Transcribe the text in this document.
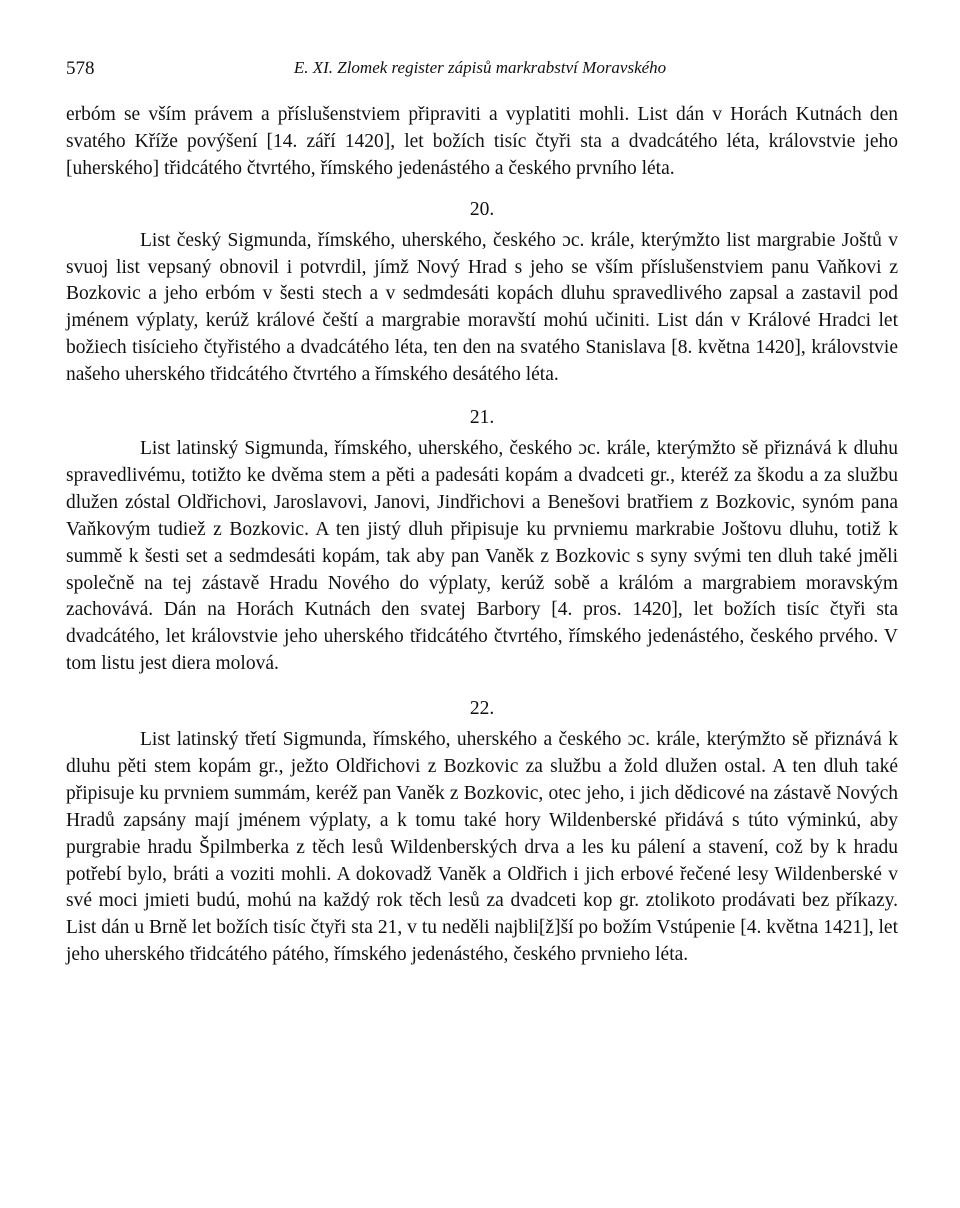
578	E. XI. Zlomek register zápisů markrabství Moravského

erbóm se vším právem a příslušenstviem připraviti a vyplatiti mohli. List dán v Horách Kutnách den svatého Kříže povýšení [14. září 1420], let božích tisíc čtyři sta a dvadcátého léta, královstvie jeho [uherského] třidcátého čtvrtého, římského jedenástého a českého prvního léta.

20.

List český Sigmunda, římského, uherského, českého ɔc. krále, kterýmžto list margrabie Joštů v svuoj list vepsaný obnovil i potvrdil, jímž Nový Hrad s jeho se vším příslušenstviem panu Vaňkovi z Bozkovic a jeho erbóm v šesti stech a v sedmdesáti kopách dluhu spravedlivého zapsal a zastavil pod jménem výplaty, kerúž králové čeští a margrabie moravští mohú učiniti. List dán v Králové Hradci let božiech tisícieho čtyřistého a dvadcátého léta, ten den na svatého Stanislava [8. května 1420], královstvie našeho uherského třidcátého čtvrtého a římského desátého léta.

21.

List latinský Sigmunda, římského, uherského, českého ɔc. krále, kterýmžto sě přiznává k dluhu spravedlivému, totižto ke dvěma stem a pěti a padesáti kopám a dvadceti gr., kteréž za škodu a za službu dlužen zóstal Oldřichovi, Jaroslavovi, Janovi, Jindřichovi a Benešovi bratřiem z Bozkovic, synóm pana Vaňkovým tudiež z Bozkovic. A ten jistý dluh připisuje ku prvniemu markrabie Joštovu dluhu, totiž k summě k šesti set a sedmdesáti kopám, tak aby pan Vaněk z Bozkovic s syny svými ten dluh také jměli společně na tej zástavě Hradu Nového do výplaty, kerúž sobě a králóm a margrabiem moravským zachovává. Dán na Horách Kutnách den svatej Barbory [4. pros. 1420], let božích tisíc čtyři sta dvadcátého, let královstvie jeho uherského třidcátého čtvrtého, římského jedenástého, českého prvého. V tom listu jest diera molová.

22.

List latinský třetí Sigmunda, římského, uherského a českého ɔc. krále, kterýmžto sě přiznává k dluhu pěti stem kopám gr., ježto Oldřichovi z Bozkovic za službu a žold dlužen ostal. A ten dluh také připisuje ku prvniem summám, keréž pan Vaněk z Bozkovic, otec jeho, i jich dědicové na zástavě Nových Hradů zapsány mají jménem výplaty, a k tomu také hory Wildenberské přidává s túto výminkú, aby purgrabie hradu Špilmberka z těch lesů Wildenberských drva a les ku pálení a stavení, což by k hradu potřebí bylo, bráti a voziti mohli. A dokovadž Vaněk a Oldřich i jich erbové řečené lesy Wildenberské v své moci jmieti budú, mohú na každý rok těch lesů za dvadceti kop gr. ztolikoto prodávati bez příkazy. List dán u Brně let božích tisíc čtyři sta 21, v tu neděli najbli[ž]ší po božím Vstúpenie [4. května 1421], let jeho uherského třidcátého pátého, římského jedenástého, českého prvnieho léta.
